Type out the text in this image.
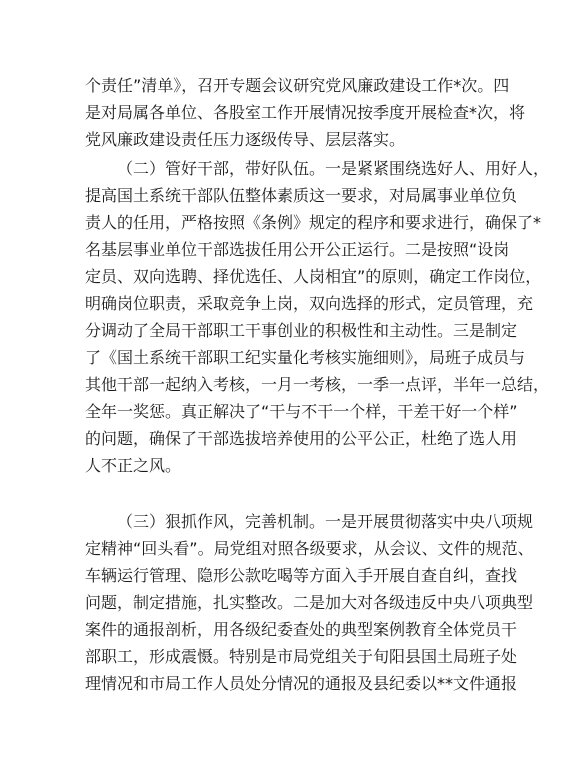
个责任”清单》，召开专题会议研究党风廉政建设工作*次。四
是对局属各单位、各股室工作开展情况按季度开展检查*次，将
党风廉政建设责任压力逐级传导、层层落实。
（二）管好干部，带好队伍。一是紧紧围绕选好人、用好人，
提高国土系统干部队伍整体素质这一要求，对局属事业单位负
责人的任用，严格按照《条例》规定的程序和要求进行，确保了*
名基层事业单位干部选拔任用公开公正运行。二是按照“设岗
定员、双向选聘、择优选任、人岗相宜”的原则，确定工作岗位，
明确岗位职责，采取竞争上岗，双向选择的形式，定员管理，充
分调动了全局干部职工干事创业的积极性和主动性。三是制定
了《国土系统干部职工纪实量化考核实施细则》，局班子成员与
其他干部一起纳入考核，一月一考核，一季一点评，半年一总结，
全年一奖惩。真正解决了“干与不干一个样，干差干好一个样”
的问题，确保了干部选拔培养使用的公平公正，杜绝了选人用
人不正之风。
（三）狠抓作风，完善机制。一是开展贯彻落实中央八项规
定精神“回头看”。局党组对照各级要求，从会议、文件的规范、
车辆运行管理、隐形公款吃喝等方面入手开展自查自纠，查找
问题，制定措施，扎实整改。二是加大对各级违反中央八项典型
案件的通报剖析，用各级纪委查处的典型案例教育全体党员干
部职工，形成震慑。特别是市局党组关于旬阳县国土局班子处
理情况和市局工作人员处分情况的通报及县纪委以**文件通报
